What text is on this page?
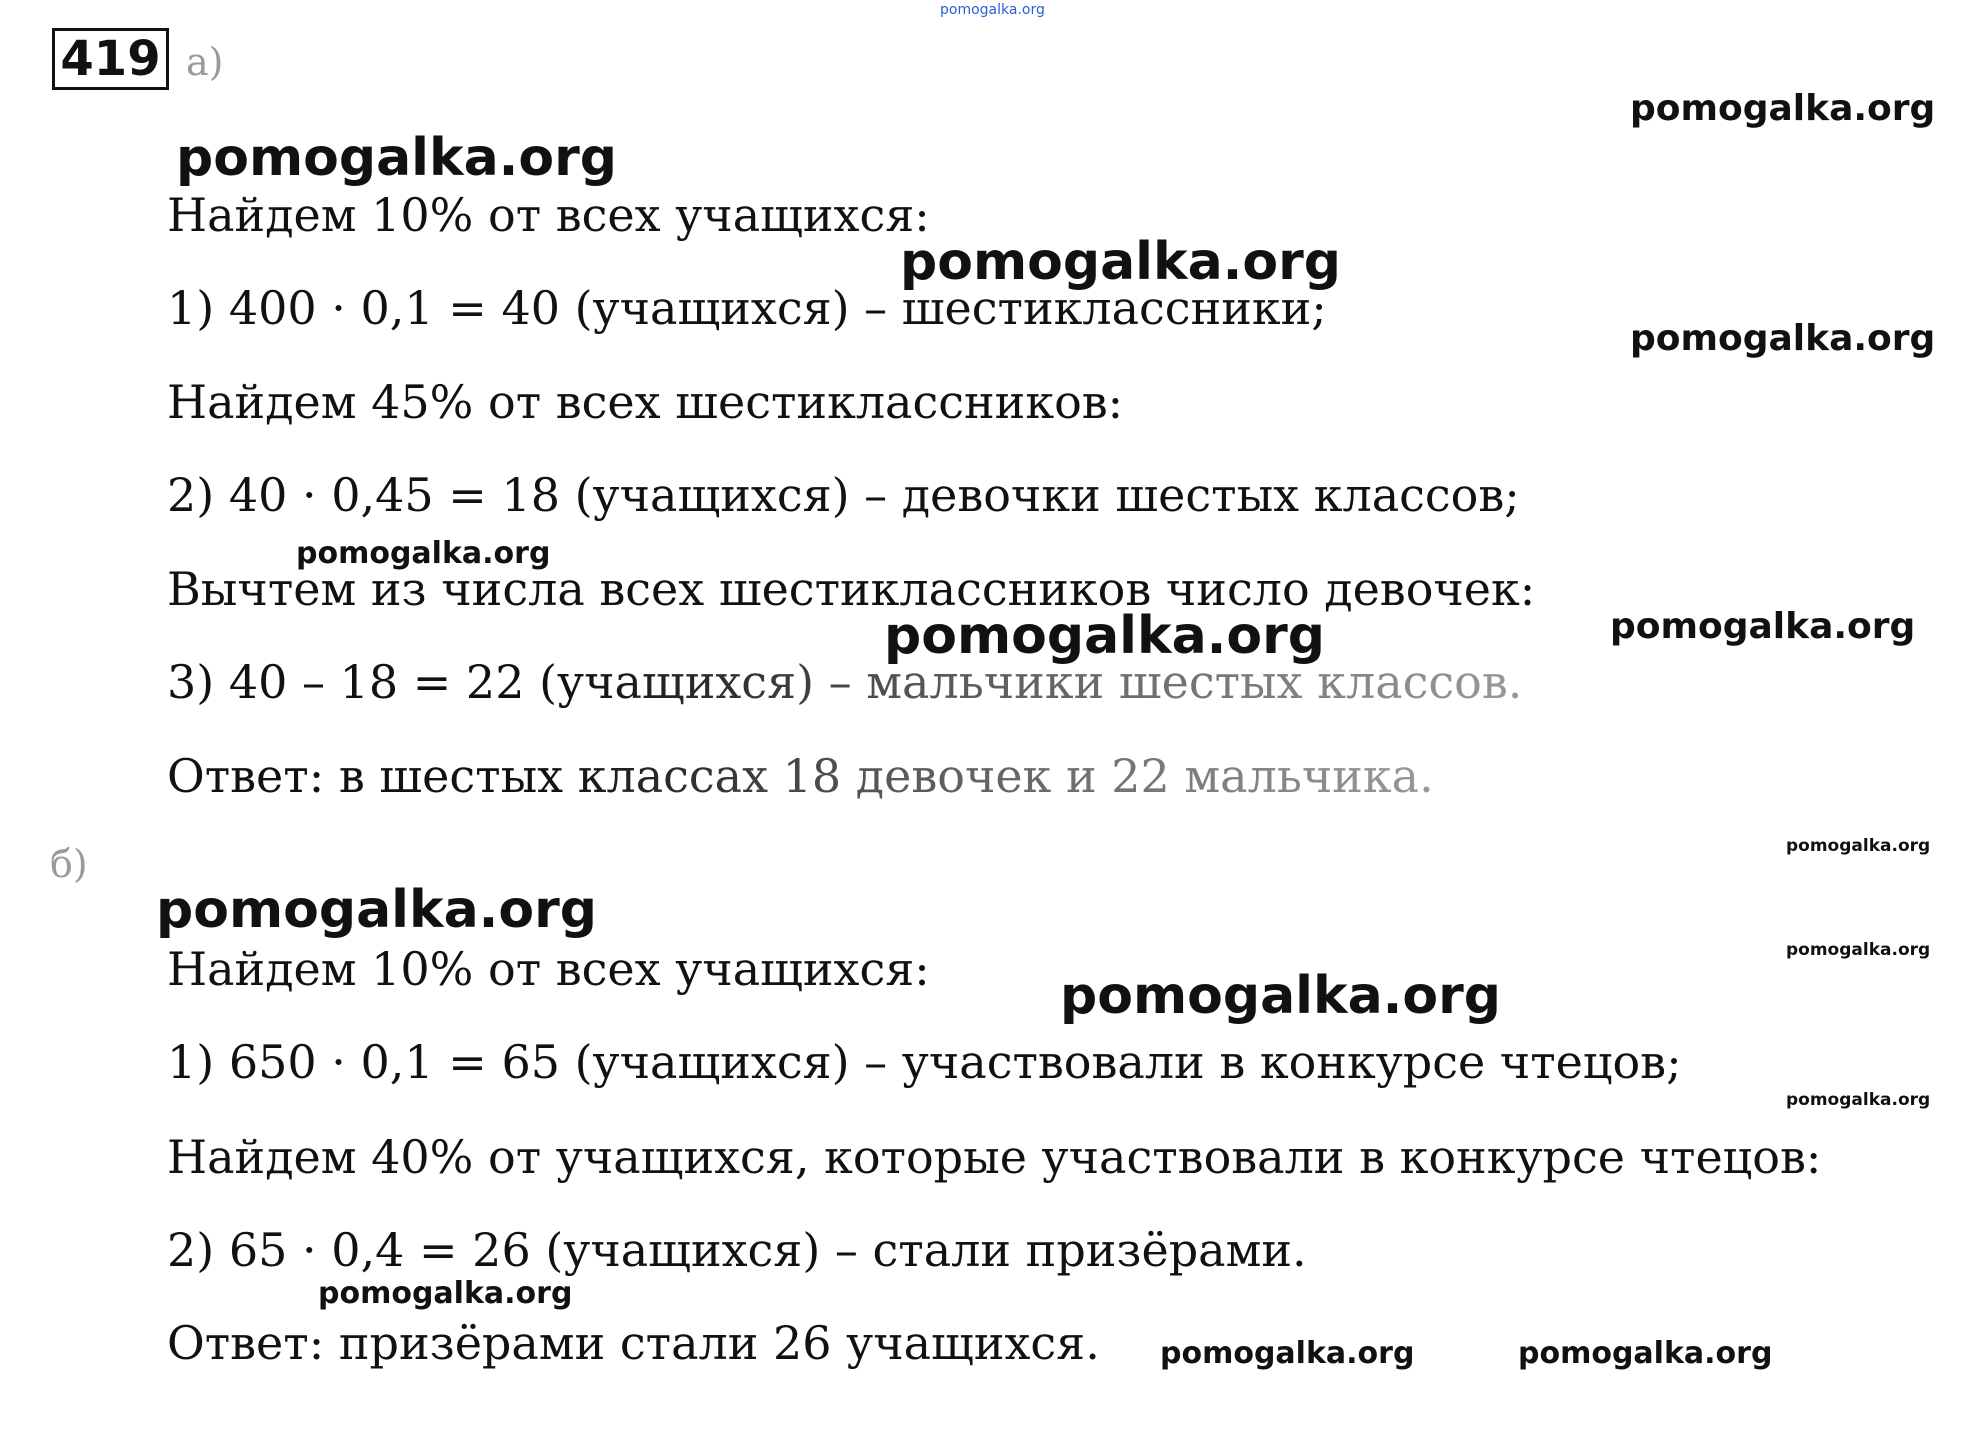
pomogalka.org
419 а)
Найдем 10% от всех учащихся:
1) 400 · 0,1 = 40 (учащихся) – шестиклассники;
Найдем 45% от всех шестиклассников:
2) 40 · 0,45 = 18 (учащихся) – девочки шестых классов;
Вычтем из числа всех шестиклассников число девочек:
3) 40 – 18 = 22 (учащихся) – мальчики шестых классов.
Ответ: в шестых классах 18 девочек и 22 мальчика.
б)
Найдем 10% от всех учащихся:
1) 650 · 0,1 = 65 (учащихся) – участвовали в конкурсе чтецов;
Найдем 40% от учащихся, которые участвовали в конкурсе чтецов:
2) 65 · 0,4 = 26 (учащихся) – стали призёрами.
Ответ: призёрами стали 26 учащихся.
pomogalka.org
pomogalka.org
pomogalka.org
pomogalka.org
pomogalka.org
pomogalka.org	pomogalka.org
pomogalka.org
pomogalka.org
pomogalka.org
pomogalka.org
pomogalka.org
pomogalka.org
pomogalka.org	pomogalka.org
